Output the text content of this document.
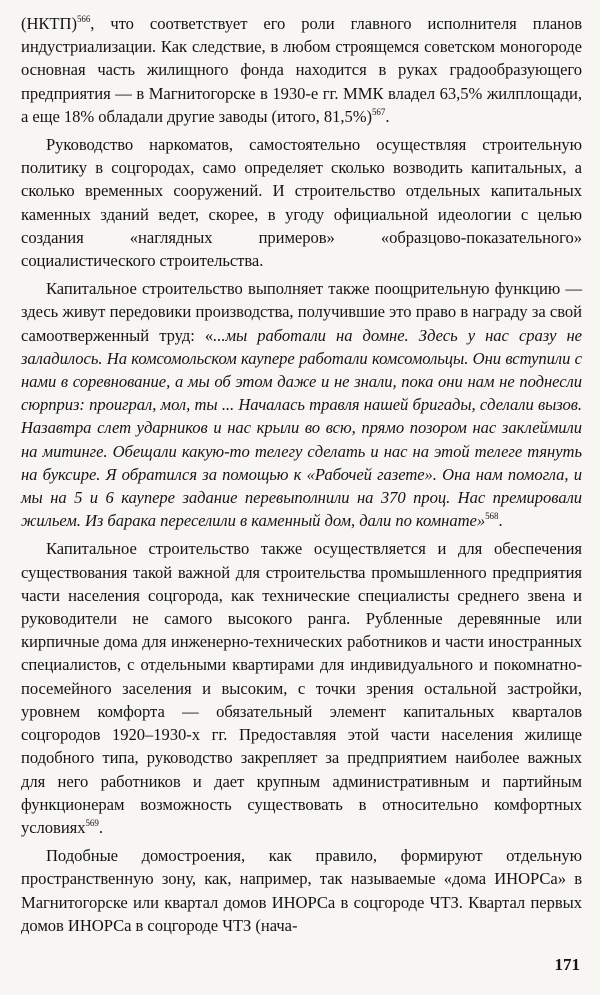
(НКТП)$^{566}$, что соответствует его роли главного исполнителя планов индустриализации. Как следствие, в любом строящемся советском моногороде основная часть жилищного фонда находится в руках градообразующего предприятия — в Магнитогорске в 1930-е гг. ММК владел 63,5% жилплощади, а еще 18% обладали другие заводы (итого, 81,5%)$^{567}$.

Руководство наркоматов, самостоятельно осуществляя строительную политику в соцгородах, само определяет сколько возводить капитальных, а сколько временных сооружений. И строительство отдельных капитальных каменных зданий ведет, скорее, в угоду официальной идеологии с целью создания «наглядных примеров» «образцово-показательного» социалистического строительства.

Капитальное строительство выполняет также поощрительную функцию — здесь живут передовики производства, получившие это право в награду за свой самоотверженный труд: «...мы работали на домне. Здесь у нас сразу не заладилось. На комсомольском каупере работали комсомольцы. Они вступили с нами в соревнование, а мы об этом даже и не знали, пока они нам не поднесли сюрприз: проиграл, мол, ты ... Началась травля нашей бригады, сделали вызов. Назавтра слет ударников и нас крыли во всю, прямо позором нас заклеймили на митинге. Обещали какую-то телегу сделать и нас на этой телеге тянуть на буксире. Я обратился за помощью к «Рабочей газете». Она нам помогла, и мы на 5 и 6 каупере задание перевыполнили на 370 проц. Нас премировали жильем. Из барака переселили в каменный дом, дали по комнате»$^{568}$.

Капитальное строительство также осуществляется и для обеспечения существования такой важной для строительства промышленного предприятия части населения соцгорода, как технические специалисты среднего звена и руководители не самого высокого ранга. Рубленные деревянные или кирпичные дома для инженерно-технических работников и части иностранных специалистов, с отдельными квартирами для индивидуального и покомнатно-посемейного заселения и высоким, с точки зрения остальной застройки, уровнем комфорта — обязательный элемент капитальных кварталов соцгородов 1920–1930-х гг. Предоставляя этой части населения жилище подобного типа, руководство закрепляет за предприятием наиболее важных для него работников и дает крупным административным и партийным функционерам возможность существовать в относительно комфортных условиях$^{569}$.

Подобные домостроения, как правило, формируют отдельную пространственную зону, как, например, так называемые «дома ИНОРСа» в Магнитогорске или квартал домов ИНОРСа в соцгороде ЧТЗ. Квартал первых домов ИНОРСа в соцгороде ЧТЗ (нача-

171
